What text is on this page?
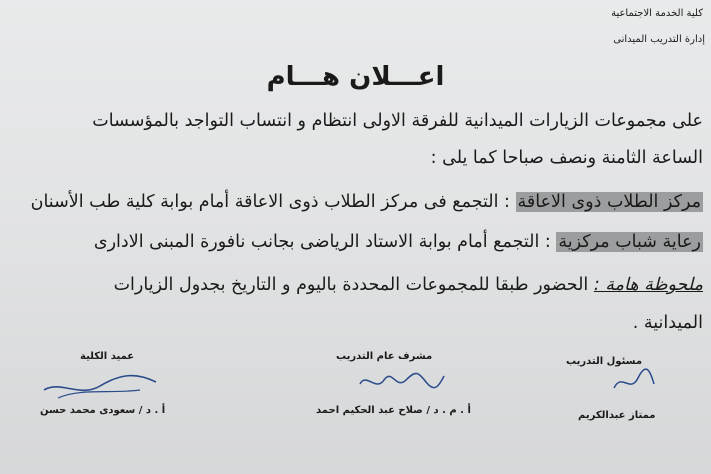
كلية الخدمة الاجتماعية
إدارة التدريب الميدانى
اعـــلان هـــام
على مجموعات الزيارات الميدانية للفرقة الاولى انتظام و انتساب التواجد بالمؤسسات
الساعة الثامنة ونصف صباحا كما يلى :
مركز الطلاب ذوى الاعاقة : التجمع فى مركز الطلاب ذوى الاعاقة أمام بوابة كلية طب الأسنان
رعاية شباب مركزية : التجمع أمام بوابة الاستاد الرياضى بجانب نافورة المبنى الادارى
ملحوظة هامة : الحضور طبقا للمجموعات المحددة باليوم و التاريخ بجدول الزيارات
الميدانية .
عميد الكلية
أ . د / سعودى محمد حسن
مشرف عام التدريب
أ . م . د / صلاح عبد الحكيم احمد
مسئول التدريب
ممتاز عبدالكريم
